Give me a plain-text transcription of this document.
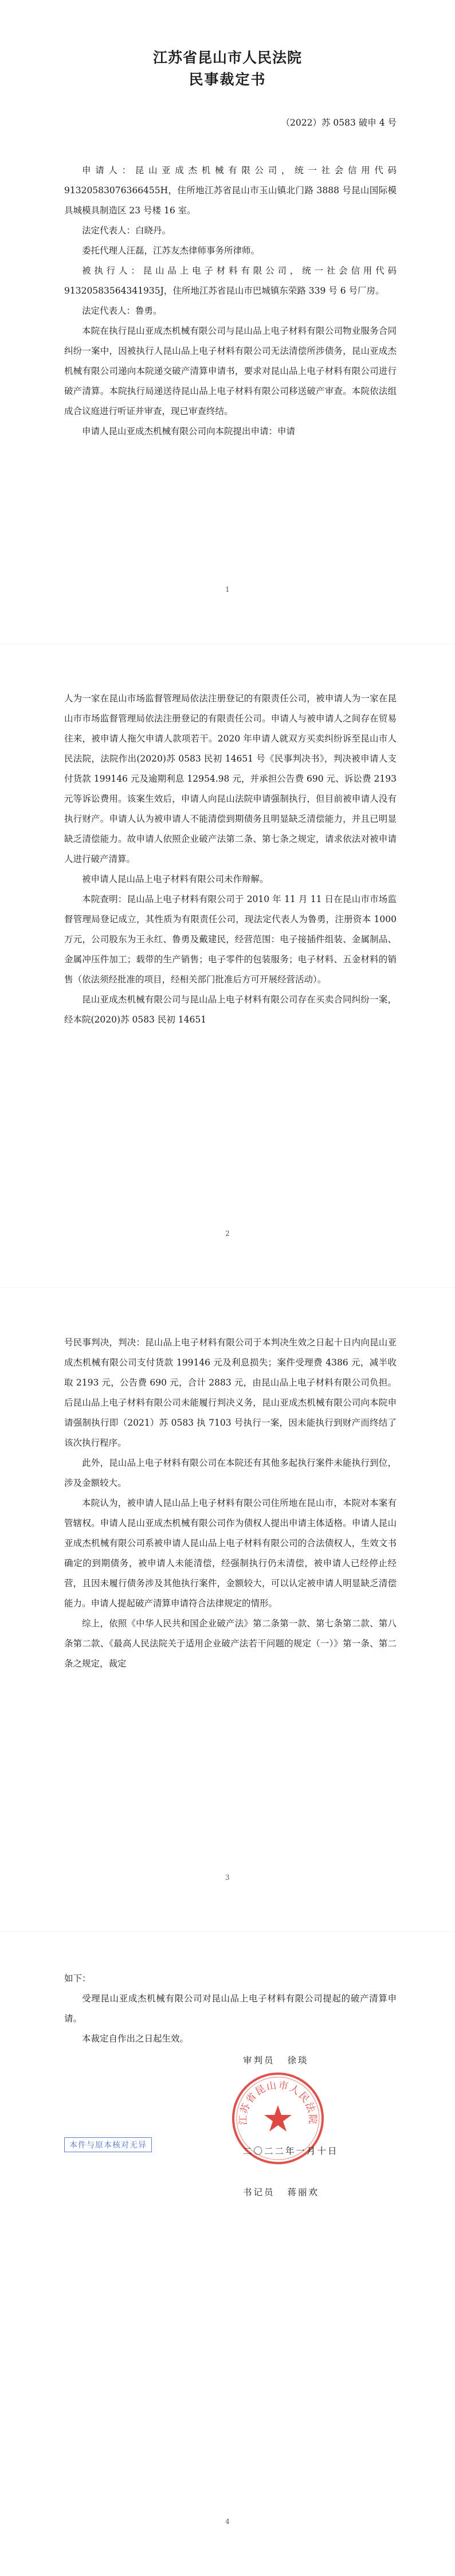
江苏省昆山市人民法院
民事裁定书
（2022）苏 0583 破申 4 号

申请人：昆山亚成杰机械有限公司，统一社会信用代码 91320583076366455H，住所地江苏省昆山市玉山镇北门路 3888 号昆山国际模具城模具制造区 23 号楼 16 室。

法定代表人：白晓丹。

委托代理人汪磊，江苏友杰律师事务所律师。

被执行人：昆山品上电子材料有限公司，统一社会信用代码 91320583564341935J，住所地江苏省昆山市巴城镇东荣路 339 号 6 号厂房。

法定代表人：鲁勇。

本院在执行昆山亚成杰机械有限公司与昆山品上电子材料有限公司物业服务合同纠纷一案中，因被执行人昆山品上电子材料有限公司无法清偿所涉债务，昆山亚成杰机械有限公司递向本院递交破产清算申请书，要求对昆山品上电子材料有限公司进行破产清算。本院执行局递送待昆山品上电子材料有限公司移送破产审查。本院依法组成合议庭进行听证并审查，现已审查终结。

申请人昆山亚成杰机械有限公司向本院提出申请：申请

1

人为一家在昆山市场监督管理局依法注册登记的有限责任公司，被申请人为一家在昆山市市场监督管理局依法注册登记的有限责任公司。申请人与被申请人之间存在贸易往来，被申请人拖欠申请人款项若干。2020 年申请人就双方买卖纠纷诉至昆山市人民法院，法院作出(2020)苏 0583 民初 14651 号《民事判决书》，判决被申请人支付货款 199146 元及逾期利息 12954.98 元，并承担公告费 690 元、诉讼费 2193 元等诉讼费用。该案生效后，申请人向昆山法院申请强制执行，但目前被申请人没有执行财产。申请人认为被申请人不能清偿到期债务且明显缺乏清偿能力，并且已明显缺乏清偿能力。故申请人依照企业破产法第二条、第七条之规定，请求依法对被申请人进行破产清算。

被申请人昆山品上电子材料有限公司未作辩解。

本院查明：昆山品上电子材料有限公司于 2010 年 11 月 11 日在昆山市市场监督管理局登记成立，其性质为有限责任公司，现法定代表人为鲁勇，注册资本 1000 万元，公司股东为王永红、鲁勇及戴建民，经营范围：电子接插件组装、金属制品、金属冲压件加工；载带的生产销售；电子零件的包装服务；电子材料、五金材料的销售（依法须经批准的项目，经相关部门批准后方可开展经营活动）。

昆山亚成杰机械有限公司与昆山品上电子材料有限公司存在买卖合同纠纷一案，经本院(2020)苏 0583 民初 14651

2

号民事判决，判决：昆山品上电子材料有限公司于本判决生效之日起十日内向昆山亚成杰机械有限公司支付货款 199146 元及利息损失；案件受理费 4386 元，减半收取 2193 元，公告费 690 元，合计 2883 元，由昆山品上电子材料有限公司负担。后昆山品上电子材料有限公司未能履行判决义务，昆山亚成杰机械有限公司向本院申请强制执行即（2021）苏 0583 执 7103 号执行一案，因未能执行到财产而终结了该次执行程序。

此外，昆山品上电子材料有限公司在本院还有其他多起执行案件未能执行到位，涉及金额较大。

本院认为，被申请人昆山品上电子材料有限公司住所地在昆山市，本院对本案有管辖权。申请人昆山亚成杰机械有限公司作为债权人提出申请主体适格。申请人昆山亚成杰机械有限公司系被申请人昆山品上电子材料有限公司的合法债权人，生效文书确定的到期债务，被申请人未能清偿，经强制执行仍未清偿，被申请人已经停止经营，且因未履行债务涉及其他执行案件，金额较大，可以认定被申请人明显缺乏清偿能力。申请人提起破产清算申请符合法律规定的情形。

综上，依照《中华人民共和国企业破产法》第二条第一款、第七条第二款、第八条第二款、《最高人民法院关于适用企业破产法若干问题的规定（一）》第一条、第二条之规定，裁定

3

如下：

受理昆山亚成杰机械有限公司对昆山品上电子材料有限公司提起的破产清算申请。

本裁定自作出之日起生效。

审判员 徐琰
江苏省昆山市人民法院
二〇二二年一月十日
本件与原本核对无异
书记员 蒋丽欢
4
